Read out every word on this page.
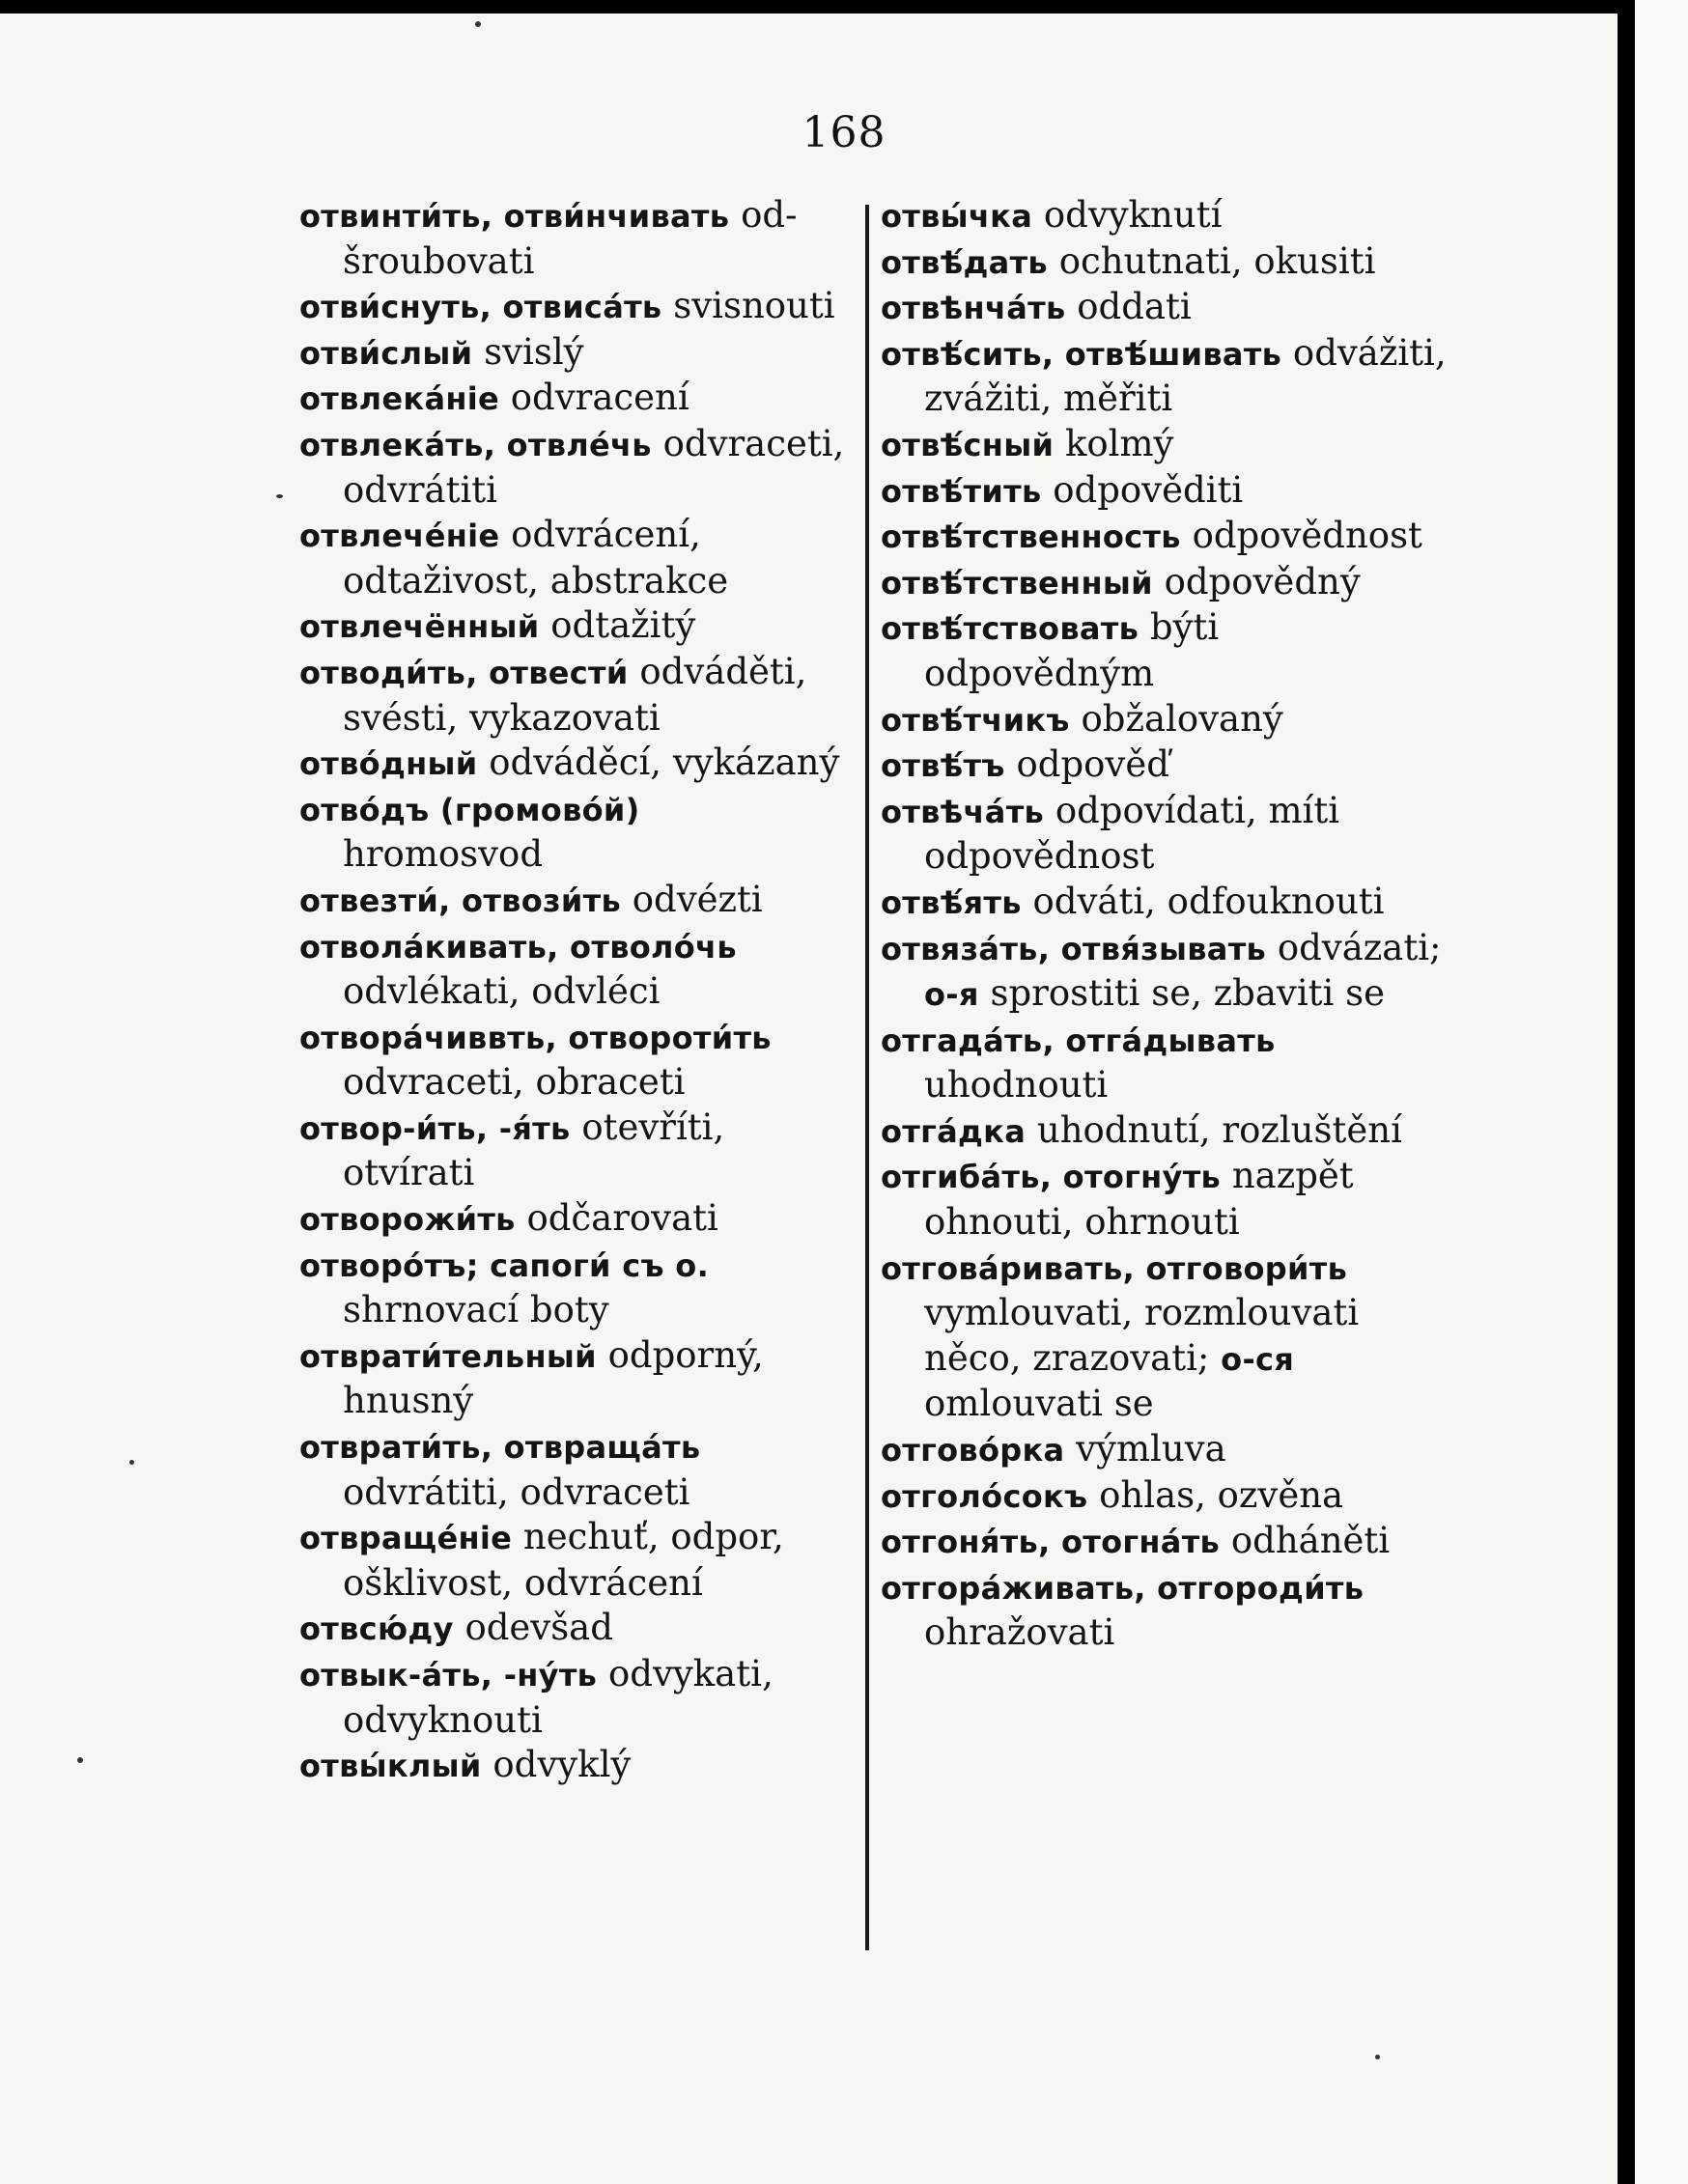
168

отвинти́ть, отви́нчивать od-šroubovati

отви́снуть, отвиса́ть svisnouti

отви́слый svislý

отвлека́ніе odvracení

отвлека́ть, отвле́чь odvraceti, odvrátiti

отвлече́ніе odvrácení, odtaživost, abstrakce

отвлечённый odtažitý

отводи́ть, отвести́ odváděti, svésti, vykazovati

отво́дный odváděcí, vykázaný

отво́дъ (громово́й) hromosvod

отвезти́, отвози́ть odvézti

отвола́кивать, отволо́чь odvlékati, odvléci

отвора́чиввть, отвороти́ть odvraceti, obraceti

отвор-и́ть, -я́ть otevříti, otvírati

отворожи́ть odčarovati

отворо́тъ; сапоги́ съ о. shrnovací boty

отврати́тельный odporný, hnusný

отврати́ть, отвраща́ть odvrátiti, odvraceti

отвраще́ніе nechuť, odpor, ošklivost, odvrácení

отвсю́ду odevšad

отвык-а́ть, -ну́ть odvykati, odvyknouti

отвы́клый odvyklý

отвы́чка odvyknutí

отвѣ́дать ochutnati, okusiti

отвѣнча́ть oddati

отвѣ́сить, отвѣ́шивать odvážiti, zvážiti, měřiti

отвѣ́сный kolmý

отвѣ́тить odpověditi

отвѣ́тственность odpovědnost

отвѣ́тственный odpovědný

отвѣ́тствовать býti odpovědným

отвѣ́тчикъ obžalovaný

отвѣ́тъ odpověď

отвѣча́ть odpovídati, míti odpovědnost

отвѣ́ять odváti, odfouknouti

отвяза́ть, отвя́зывать odvázati; о-я sprostiti se, zbaviti se

отгада́ть, отга́дывать uhodnouti

отга́дка uhodnutí, rozluštění

отгиба́ть, отогну́ть nazpět ohnouti, ohrnouti

отгова́ривать, отговори́ть vymlouvati, rozmlouvati něco, zrazovati; о-ся omlouvati se

отгово́рка výmluva

отголо́сокъ ohlas, ozvěna

отгоня́ть, отогна́ть odháněti

отгора́живать, отгороди́ть ohražovati
